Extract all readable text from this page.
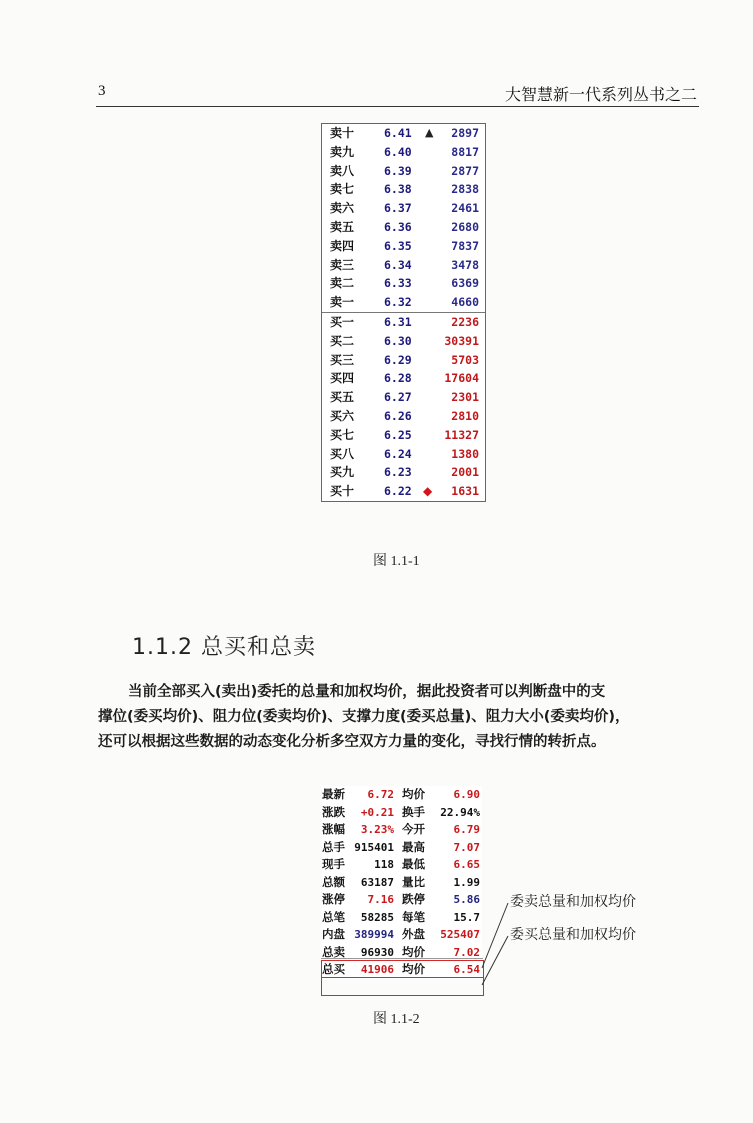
3	大智慧新一代系列丛书之二
卖十	6.41 ▲ 2897
卖九	6.40	8817
卖八	6.39	2877
卖七	6.38	2838
卖六	6.37	2461
卖五	6.36	2680
卖四	6.35	7837
卖三	6.34	3478
卖二	6.33	6369
卖一	6.32	4660
买一	6.31	2236
买二	6.30	30391
买三	6.29	5703
买四	6.28	17604
买五	6.27	2301
买六	6.26	2810
买七	6.25	11327
买八	6.24	1380
买九	6.23	2001
买十	6.22 ◆ 1631
图 1.1-1
1.1.2 总买和总卖

当前全部买入(卖出)委托的总量和加权均价，据此投资者可以判断盘中的支

撑位(委买均价)、阻力位(委卖均价)、支撑力度(委买总量)、阻力大小(委卖均价)，

还可以根据这些数据的动态变化分析多空双方力量的变化，寻找行情的转折点。

最新 6.72 均价	6.90
涨跌 +0.21 换手 22.94%
涨幅 3.23% 今开	6.79
总手 915401 最高	7.07
现手	118 最低	6.65
总额 63187 量比	1.99
涨停 7.16 跌停	5.86
总笔 58285 每笔	15.7
内盘 389994 外盘 525407
总卖 96930 均价	7.02
总买 41906 均价	6.54
委卖总量和加权均价
委买总量和加权均价
图 1.1-2
